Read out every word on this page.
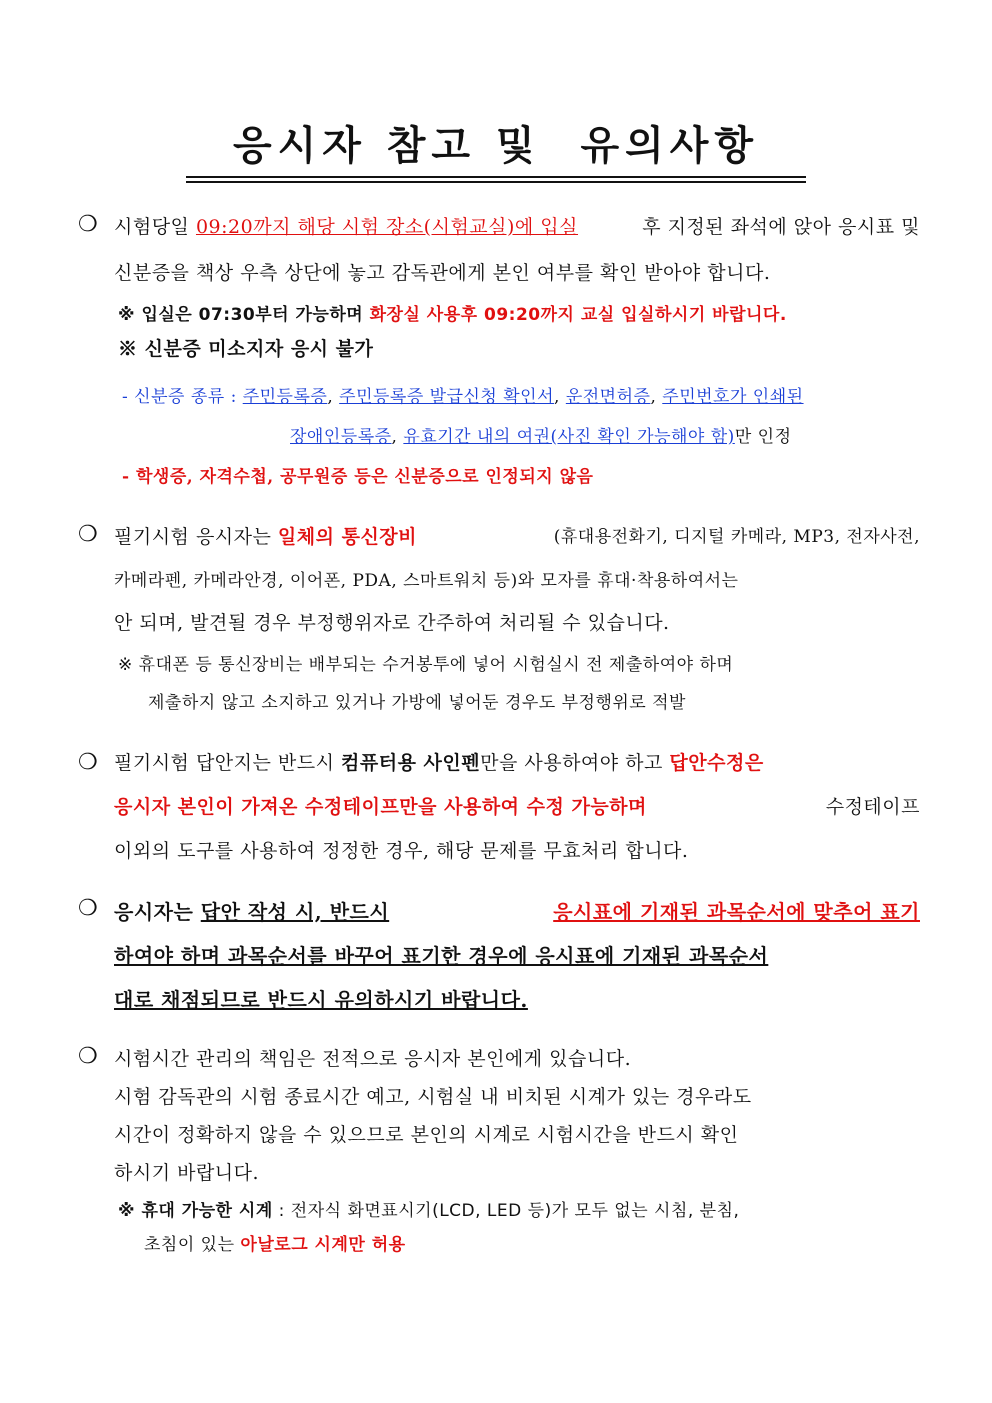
응시자 참고 및  유의사항
❍ 시험당일 09:20까지 해당 시험 장소(시험교실)에 입실	후 지정된 좌석에 앉아 응시표 및
신분증을 책상 우측 상단에 놓고 감독관에게 본인 여부를 확인 받아야 합니다.
※ 입실은 07:30부터 가능하며 화장실 사용후 09:20까지 교실 입실하시기 바랍니다.
※ 신분증 미소지자 응시 불가
- 신분증 종류 : 주민등록증, 주민등록증 발급신청 확인서, 운전면허증, 주민번호가 인쇄된
장애인등록증, 유효기간 내의 여권(사진 확인 가능해야 함)만 인정
- 학생증, 자격수첩, 공무원증 등은 신분증으로 인정되지 않음
❍ 필기시험 응시자는 일체의 통신장비	(휴대용전화기, 디지털 카메라, MP3, 전자사전,
카메라펜, 카메라안경, 이어폰, PDA, 스마트워치 등)와 모자를 휴대·착용하여서는
안 되며, 발견될 경우 부정행위자로 간주하여 처리될 수 있습니다.
※ 휴대폰 등 통신장비는 배부되는 수거봉투에 넣어 시험실시 전 제출하여야 하며
제출하지 않고 소지하고 있거나 가방에 넣어둔 경우도 부정행위로 적발
❍ 필기시험 답안지는 반드시 컴퓨터용 사인펜만을 사용하여야 하고 답안수정은
응시자 본인이 가져온 수정테이프만을 사용하여 수정 가능하며	수정테이프
이외의 도구를 사용하여 정정한 경우, 해당 문제를 무효처리 합니다.
❍ 응시자는 답안 작성 시, 반드시	응시표에 기재된 과목순서에 맞추어 표기
하여야 하며 과목순서를 바꾸어 표기한 경우에 응시표에 기재된 과목순서
대로 채점되므로 반드시 유의하시기 바랍니다.
❍ 시험시간 관리의 책임은 전적으로 응시자 본인에게 있습니다.
시험 감독관의 시험 종료시간 예고, 시험실 내 비치된 시계가 있는 경우라도
시간이 정확하지 않을 수 있으므로 본인의 시계로 시험시간을 반드시 확인
하시기 바랍니다.
※ 휴대 가능한 시계 : 전자식 화면표시기(LCD, LED 등)가 모두 없는 시침, 분침,
초침이 있는 아날로그 시계만 허용
